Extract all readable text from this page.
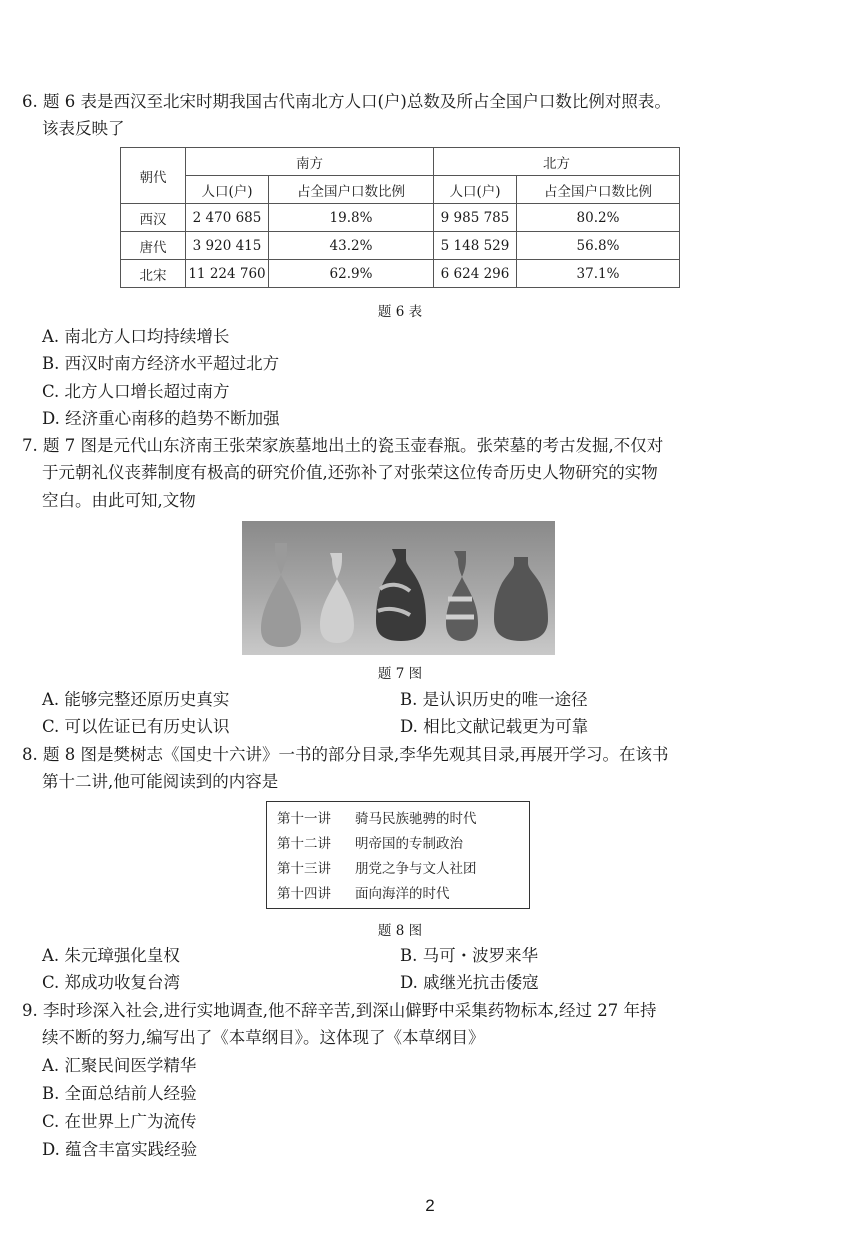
6. 题 6 表是西汉至北宋时期我国古代南北方人口(户)总数及所占全国户口数比例对照表。
该表反映了
朝代	南方		北方	
	人口(户)	占全国户口数比例	人口(户)	占全国户口数比例
西汉	2 470 685	19.8%	9 985 785	80.2%
唐代	3 920 415	43.2%	5 148 529	56.8%
北宋	11 224 760	62.9%	6 624 296	37.1%
题 6 表
A. 南北方人口均持续增长
B. 西汉时南方经济水平超过北方
C. 北方人口增长超过南方
D. 经济重心南移的趋势不断加强
7. 题 7 图是元代山东济南王张荣家族墓地出土的瓷玉壶春瓶。张荣墓的考古发掘,不仅对
于元朝礼仪丧葬制度有极高的研究价值,还弥补了对张荣这位传奇历史人物研究的实物
空白。由此可知,文物
题 7 图
A. 能够完整还原历史真实	B. 是认识历史的唯一途径
C. 可以佐证已有历史认识	D. 相比文献记载更为可靠
8. 题 8 图是樊树志《国史十六讲》一书的部分目录,李华先观其目录,再展开学习。在该书
第十二讲,他可能阅读到的内容是
第十一讲 骑马民族驰骋的时代
第十二讲 明帝国的专制政治
第十三讲 朋党之争与文人社团
第十四讲 面向海洋的时代
题 8 图
A. 朱元璋强化皇权	B. 马可・波罗来华
C. 郑成功收复台湾	D. 戚继光抗击倭寇
9. 李时珍深入社会,进行实地调查,他不辞辛苦,到深山僻野中采集药物标本,经过 27 年持
续不断的努力,编写出了《本草纲目》。这体现了《本草纲目》
A. 汇聚民间医学精华
B. 全面总结前人经验
C. 在世界上广为流传
D. 蕴含丰富实践经验
2
